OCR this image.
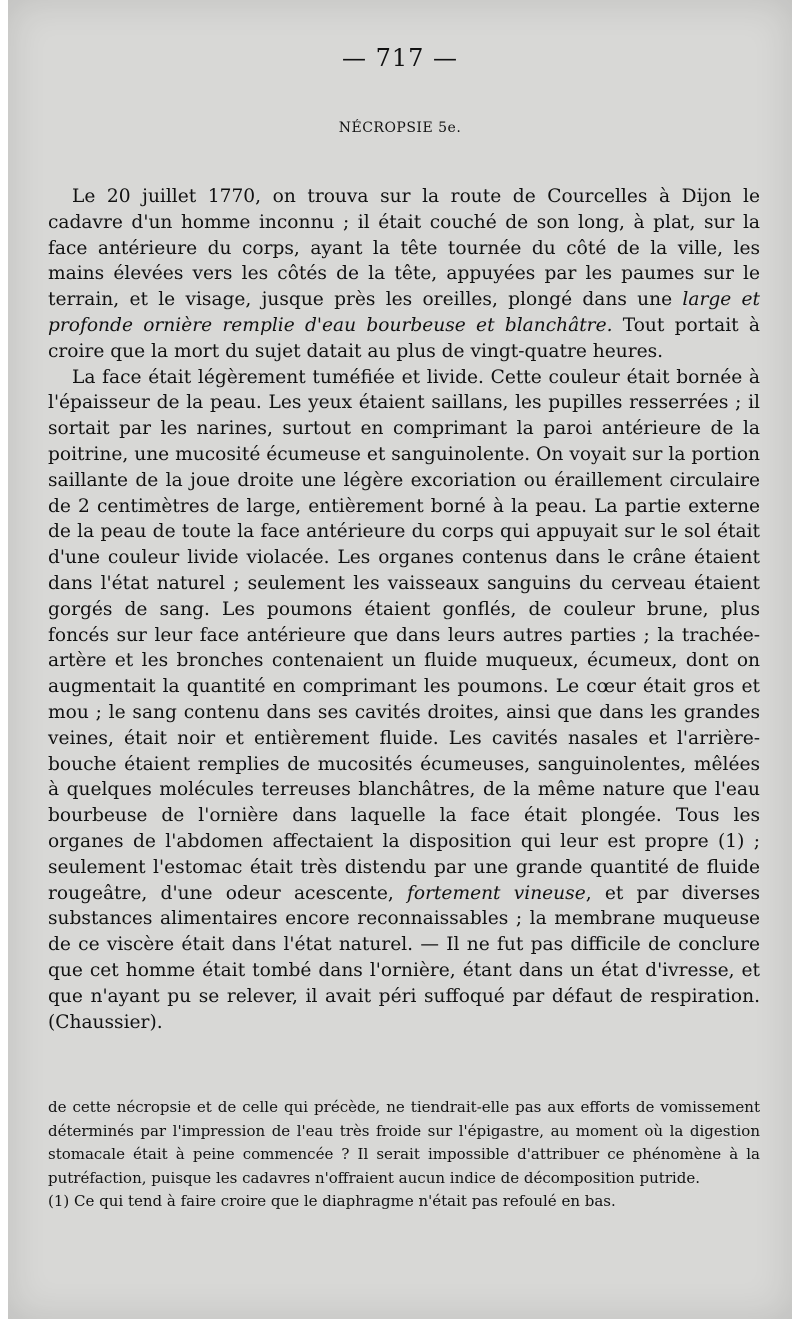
— 717 —
NÉCROPSIE 5e.

Le 20 juillet 1770, on trouva sur la route de Courcelles à Dijon le cadavre d'un homme inconnu ; il était couché de son long, à plat, sur la face antérieure du corps, ayant la tête tournée du côté de la ville, les mains élevées vers les côtés de la tête, appuyées par les paumes sur le terrain, et le visage, jusque près les oreilles, plongé dans une large et profonde ornière remplie d'eau bourbeuse et blanchâtre. Tout portait à croire que la mort du sujet datait au plus de vingt-quatre heures.

La face était légèrement tuméfiée et livide. Cette couleur était bornée à l'épaisseur de la peau. Les yeux étaient saillans, les pupilles resserrées ; il sortait par les narines, surtout en comprimant la paroi antérieure de la poitrine, une mucosité écumeuse et sanguinolente. On voyait sur la portion saillante de la joue droite une légère excoriation ou éraillement circulaire de 2 centimètres de large, entièrement borné à la peau. La partie externe de la peau de toute la face antérieure du corps qui appuyait sur le sol était d'une couleur livide violacée. Les organes contenus dans le crâne étaient dans l'état naturel ; seulement les vaisseaux sanguins du cerveau étaient gorgés de sang. Les poumons étaient gonflés, de couleur brune, plus foncés sur leur face antérieure que dans leurs autres parties ; la trachée-artère et les bronches contenaient un fluide muqueux, écumeux, dont on augmentait la quantité en comprimant les poumons. Le cœur était gros et mou ; le sang contenu dans ses cavités droites, ainsi que dans les grandes veines, était noir et entièrement fluide. Les cavités nasales et l'arrière-bouche étaient remplies de mucosités écumeuses, sanguinolentes, mêlées à quelques molécules terreuses blanchâtres, de la même nature que l'eau bourbeuse de l'ornière dans laquelle la face était plongée. Tous les organes de l'abdomen affectaient la disposition qui leur est propre (1) ; seulement l'estomac était très distendu par une grande quantité de fluide rougeâtre, d'une odeur acescente, fortement vineuse, et par diverses substances alimentaires encore reconnaissables ; la membrane muqueuse de ce viscère était dans l'état naturel. — Il ne fut pas difficile de conclure que cet homme était tombé dans l'ornière, étant dans un état d'ivresse, et que n'ayant pu se relever, il avait péri suffoqué par défaut de respiration. (Chaussier).

de cette nécropsie et de celle qui précède, ne tiendrait-elle pas aux efforts de vomissement déterminés par l'impression de l'eau très froide sur l'épigastre, au moment où la digestion stomacale était à peine commencée ? Il serait impossible d'attribuer ce phénomène à la putréfaction, puisque les cadavres n'offraient aucun indice de décomposition putride.

(1) Ce qui tend à faire croire que le diaphragme n'était pas refoulé en bas.
